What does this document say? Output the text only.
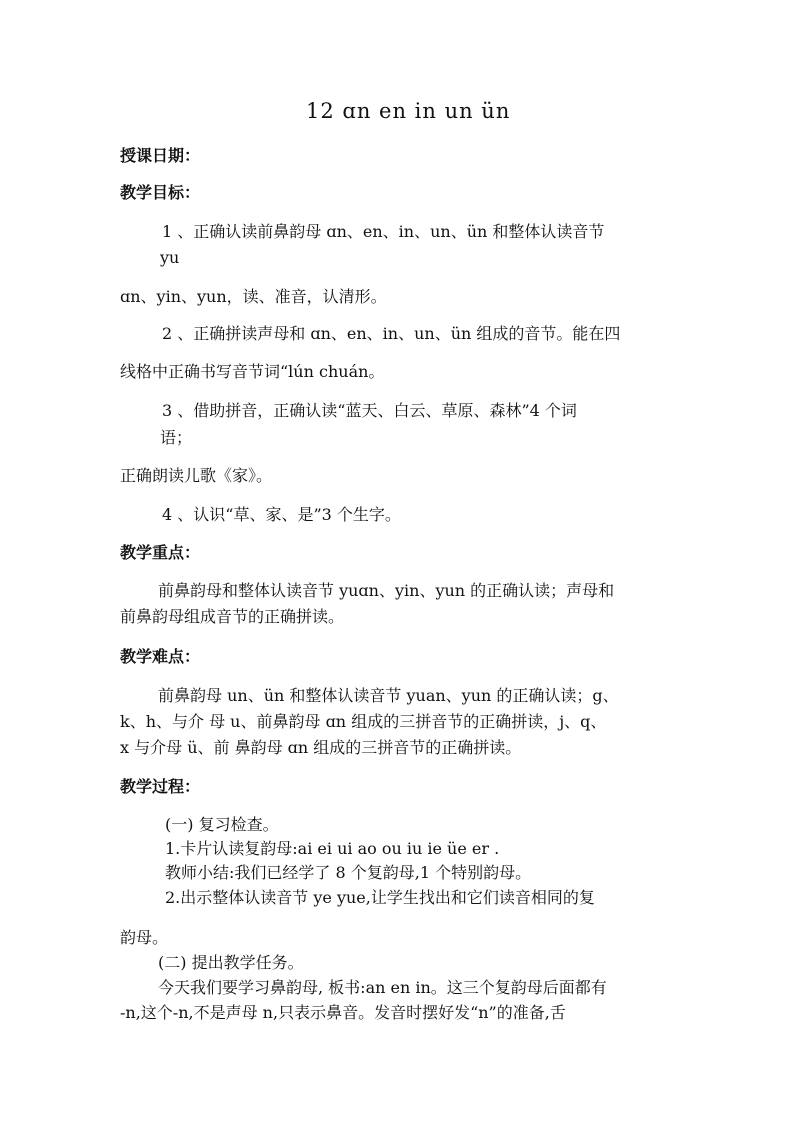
12 ɑn en in un ün
授课日期：
教学目标：
1 、正确认读前鼻韵母 ɑn、en、in、un、ün 和整体认读音节
yu
ɑn、yin、yun，读、准音，认清形。
2 、正确拼读声母和 ɑn、en、in、un、ün 组成的音节。能在四
线格中正确书写音节词“lún chuán。
3 、借助拼音，正确认读“蓝天、白云、草原、森林”4 个词
语；
正确朗读儿歌《家》。
4 、认识“草、家、是”3 个生字。
教学重点：
前鼻韵母和整体认读音节 yuɑn、yin、yun 的正确认读；声母和
前鼻韵母组成音节的正确拼读。
教学难点：
前鼻韵母 un、ün 和整体认读音节 yuan、yun 的正确认读；g、
k、h、与介 母 u、前鼻韵母 ɑn 组成的三拼音节的正确拼读，j、q、
x 与介母 ü、前 鼻韵母 ɑn 组成的三拼音节的正确拼读。
教学过程：
(一) 复习检查。
1.卡片认读复韵母:ai ei ui ao ou iu ie üe er .
教师小结:我们已经学了 8 个复韵母,1 个特别韵母。
2.出示整体认读音节 ye yue,让学生找出和它们读音相同的复
韵母。
(二) 提出教学任务。
今天我们要学习鼻韵母, 板书:an en in。这三个复韵母后面都有
-n,这个-n,不是声母 n,只表示鼻音。发音时摆好发“n”的准备,舌
